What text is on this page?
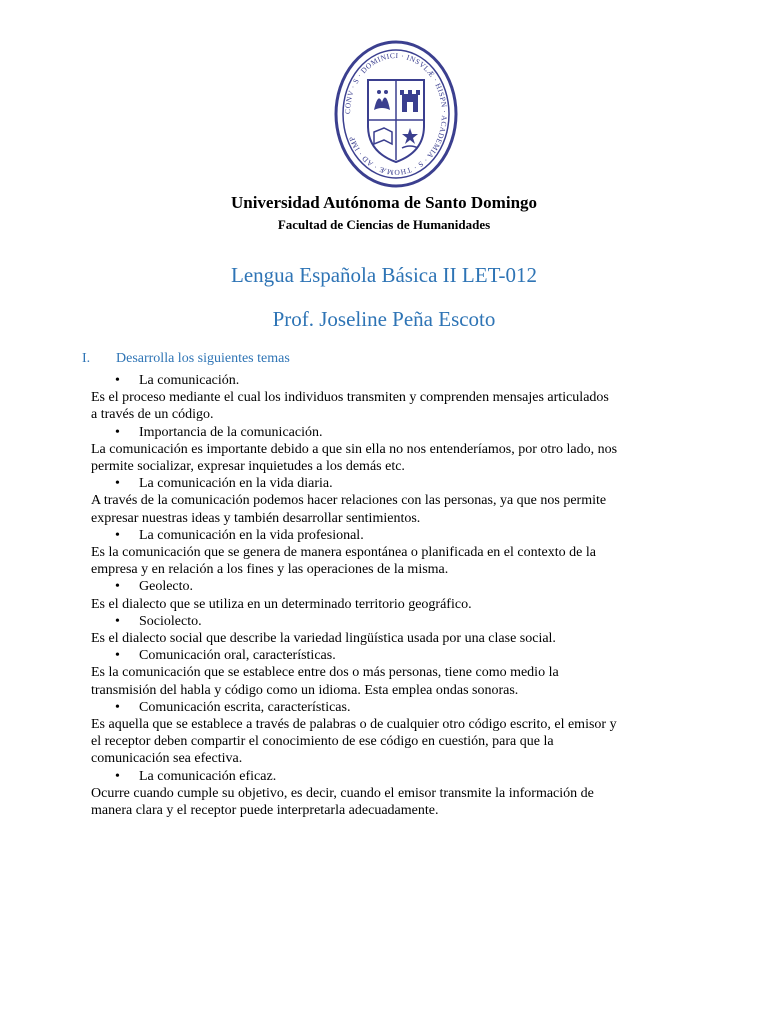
CONV · S · DOMINICI · INSVLÆ · HISPN · ACADEMIA · S · THOMÆ · AD · IMP
Universidad Autónoma de Santo Domingo
Facultad de Ciencias de Humanidades
Lengua Española Básica II LET-012
Prof. Joseline Peña Escoto
I. Desarrolla los siguientes temas
• La comunicación.
Es el proceso mediante el cual los individuos transmiten y comprenden mensajes articulados
a través de un código.
• Importancia de la comunicación.
La comunicación es importante debido a que sin ella no nos entenderíamos, por otro lado, nos
permite socializar, expresar inquietudes a los demás etc.
• La comunicación en la vida diaria.
A través de la comunicación podemos hacer relaciones con las personas, ya que nos permite
expresar nuestras ideas y también desarrollar sentimientos.
• La comunicación en la vida profesional.
Es la comunicación que se genera de manera espontánea o planificada en el contexto de la
empresa y en relación a los fines y las operaciones de la misma.
• Geolecto.
Es el dialecto que se utiliza en un determinado territorio geográfico.
• Sociolecto.
Es el dialecto social que describe la variedad lingüística usada por una clase social.
• Comunicación oral, características.
Es la comunicación que se establece entre dos o más personas, tiene como medio la
transmisión del habla y código como un idioma. Esta emplea ondas sonoras.
• Comunicación escrita, características.
Es aquella que se establece a través de palabras o de cualquier otro código escrito, el emisor y
el receptor deben compartir el conocimiento de ese código en cuestión, para que la
comunicación sea efectiva.
• La comunicación eficaz.
Ocurre cuando cumple su objetivo, es decir, cuando el emisor transmite la información de
manera clara y el receptor puede interpretarla adecuadamente.
